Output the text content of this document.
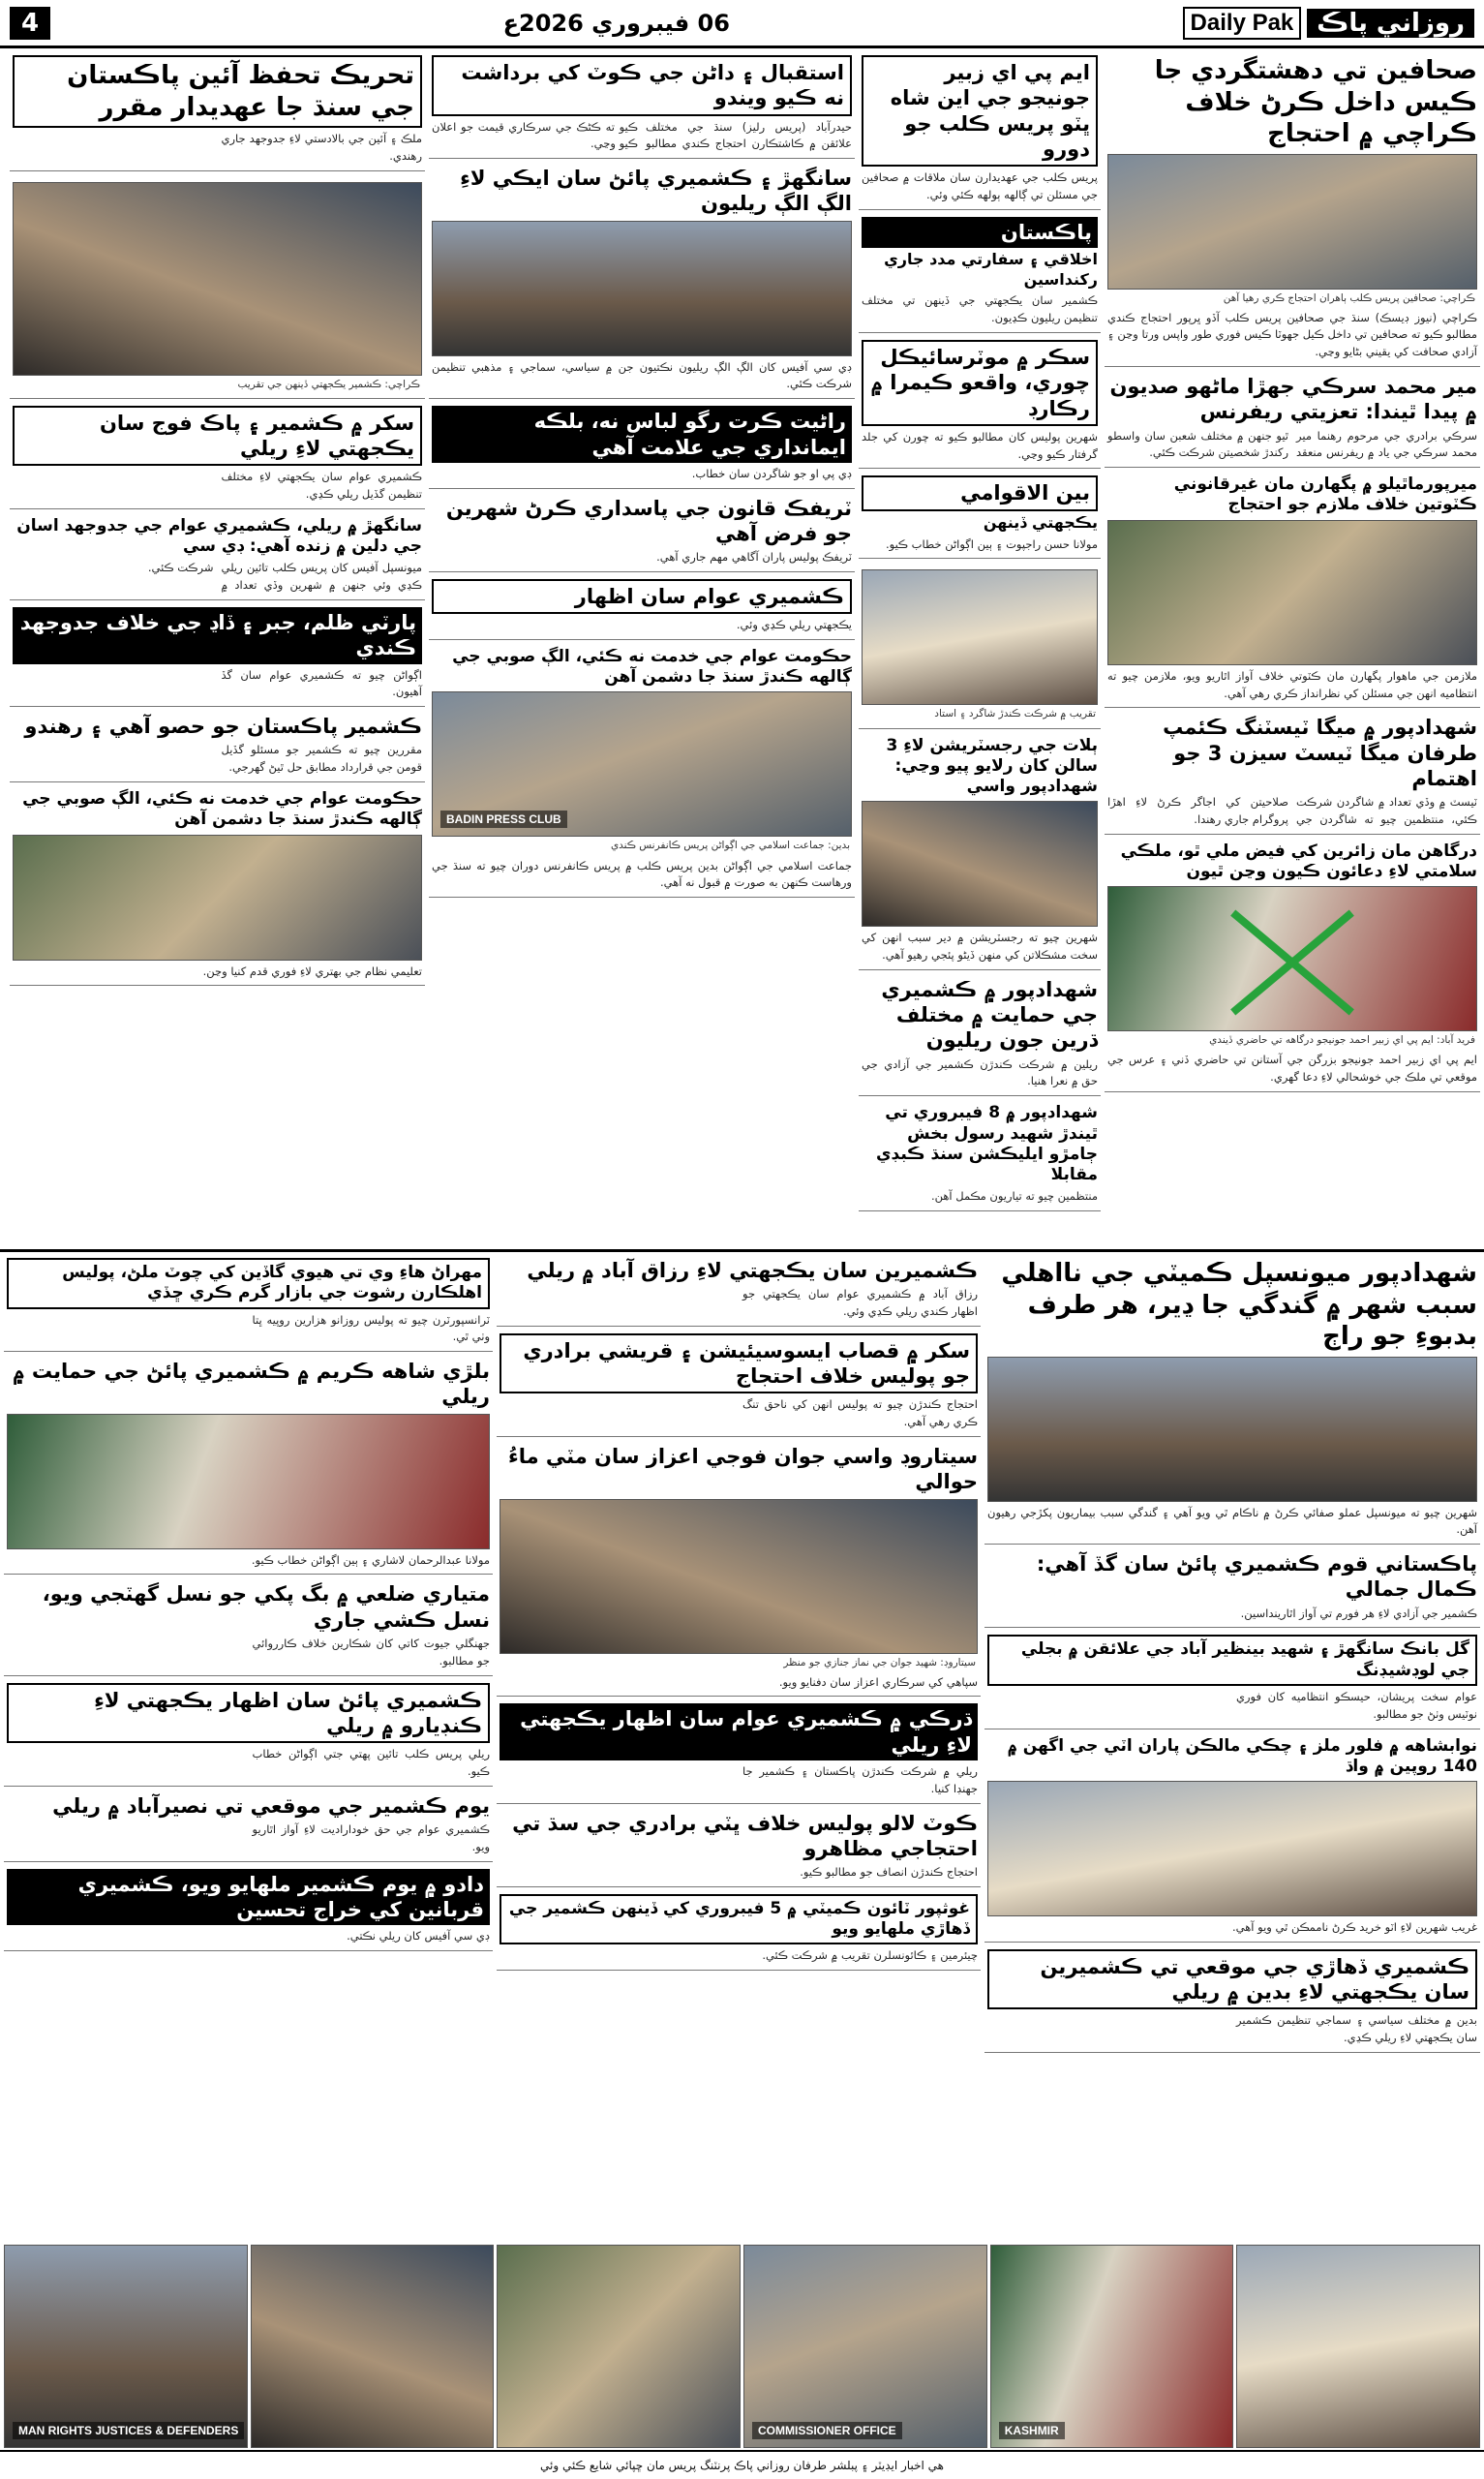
4	06 فيبروري 2026ع	Daily Pak روزاني پاڪ
صحافين تي دهشتگردي جا ڪيس داخل ڪرڻ خلاف ڪراچي ۾ احتجاج
ڪراچي: صحافين پريس ڪلب ٻاهران احتجاج ڪري رهيا آهن
ڪراچي (نيوز ڊيسڪ) سنڌ جي صحافين پريس ڪلب آڏو ڀرپور احتجاج ڪندي مطالبو ڪيو ته صحافين تي داخل ڪيل جهوٽا ڪيس فوري طور واپس ورتا وڃن ۽ آزادي صحافت کي يقيني بڻايو وڃي.
مير محمد سرڪي جهڙا ماڻهو صديون ۾ پيدا ٿيندا: تعزيتي ريفرنس
سرڪي برادري جي مرحوم رهنما مير محمد سرڪي جي ياد ۾ ريفرنس منعقد ٿيو جنهن ۾ مختلف شعبن سان واسطو رکندڙ شخصيتن شرڪت ڪئي.
ميرپورماٿيلو ۾ پگهارن مان غيرقانوني ڪٽوتين خلاف ملازم جو احتجاج
ملازمن جي ماهوار پگهارن مان ڪٽوتي خلاف آواز اٿاريو ويو، ملازمن چيو ته انتظاميه انهن جي مسئلن کي نظرانداز ڪري رهي آهي.
شهدادپور ۾ ميگا ٽيسٽنگ ڪئمپ طرفان ميگا ٽيسٽ سيزن 3 جو اهتمام
ٽيسٽ ۾ وڏي تعداد ۾ شاگردن شرڪت ڪئي، منتظمين چيو ته شاگردن جي صلاحيتن کي اجاگر ڪرڻ لاءِ اهڙا پروگرام جاري رهندا.
درگاهن مان زائرين کي فيض ملي ٿو، ملڪي سلامتي لاءِ دعائون ڪيون وڃن ٿيون
فريد آباد: ايم پي اي زبير احمد جونيجو درگاهه تي حاضري ڏيندي
ايم پي اي زبير احمد جونيجو بزرگن جي آستانن تي حاضري ڏني ۽ عرس جي موقعي تي ملڪ جي خوشحالي لاءِ دعا گهري.
ايم پي اي زبير جونيجو جي اين شاه ڀٽو پريس ڪلب جو دورو
پريس ڪلب جي عهديدارن سان ملاقات ۾ صحافين جي مسئلن تي ڳالهه ٻولهه ڪئي وئي.
پاڪستان
اخلاقي ۽ سفارتي مدد جاري رکنداسين
ڪشمير سان يڪجهتي جي ڏينهن تي مختلف تنظيمن ريليون ڪڍيون.
سڪر ۾ موٽرسائيڪل چوري، واقعو ڪيمرا ۾ رڪارڊ
شهرين پوليس کان مطالبو ڪيو ته چورن کي جلد گرفتار ڪيو وڃي.
بين الاقوامي
يڪجهتي ڏينهن
مولانا حسن راجپوت ۽ ٻين اڳواڻن خطاب ڪيو.
تقريب ۾ شرڪت ڪندڙ شاگرد ۽ استاد
ٻلات جي رجسٽريشن لاءِ 3 سالن کان رلايو پيو وڃي: شهدادپور واسي
شهرين چيو ته رجسٽريشن ۾ دير سبب انهن کي سخت مشڪلاتن کي منهن ڏيڻو پئجي رهيو آهي.
شهدادپور ۾ ڪشميري جي حمايت ۾ مختلف ڌرين جون ريليون
ريلين ۾ شرڪت ڪندڙن ڪشمير جي آزادي جي حق ۾ نعرا هنيا.
شهدادپور ۾ 8 فيبروري تي ٿيندڙ شهيد رسول بخش ڄامڙو ايليڪشن سنڌ ڪبڊي مقابلا
منتظمين چيو ته تياريون مڪمل آهن.
استقبال ۽ داڻن جي ڪوٽ کي برداشت نه ڪيو ويندو
حيدرآباد (پريس رليز) سنڌ جي مختلف علائقن ۾ ڪاشتڪارن احتجاج ڪندي مطالبو ڪيو ته ڪڻڪ جي سرڪاري قيمت جو اعلان ڪيو وڃي.
سانگهڙ ۽ ڪشميري پائڻ سان ايڪي لاءِ الڳ الڳ ريليون
ڊي سي آفيس کان الڳ الڳ ريليون نڪتيون جن ۾ سياسي، سماجي ۽ مذهبي تنظيمن شرڪت ڪئي.
راڻيت ڪرت رگو لباس نه، بلڪه ايمانداري جي علامت آهي
ڊي پي او جو شاگردن سان خطاب.
ٽريفڪ قانون جي پاسداري ڪرڻ شهرين جو فرض آهي
ٽريفڪ پوليس پاران آگاهي مهم جاري آهي.
ڪشميري عوام سان اظهار
يڪجهتي ريلي ڪڍي وئي.
حڪومت عوام جي خدمت نه ڪئي، الڳ صوبي جي ڳالهه ڪندڙ سنڌ جا دشمن آهن
BADIN PRESS CLUB
بدين: جماعت اسلامي جي اڳواڻن پريس ڪانفرنس ڪندي
جماعت اسلامي جي اڳواڻن بدين پريس ڪلب ۾ پريس ڪانفرنس دوران چيو ته سنڌ جي ورهاست ڪنهن به صورت ۾ قبول نه آهي.
تحريڪ تحفظ آئين پاڪستان جي سنڌ جا عهديدار مقرر
ملڪ ۽ آئين جي بالادستي لاءِ جدوجهد جاري رهندي.
ڪراچي: ڪشمير يڪجهتي ڏينهن جي تقريب
سکر ۾ ڪشمير ۽ پاڪ فوج سان يڪجهتي لاءِ ريلي
ڪشميري عوام سان يڪجهتي لاءِ مختلف تنظيمن گڏيل ريلي ڪڍي.
سانگهڙ ۾ ريلي، ڪشميري عوام جي جدوجهد اسان جي دلين ۾ زنده آهي: ڊي سي
ميونسپل آفيس کان پريس ڪلب تائين ريلي ڪڍي وئي جنهن ۾ شهرين وڏي تعداد ۾ شرڪت ڪئي.
پارٽي ظلم، جبر ۽ ڏاڍ جي خلاف جدوجهد ڪندي
اڳواڻن چيو ته ڪشميري عوام سان گڏ آهيون.
ڪشمير پاڪستان جو حصو آهي ۽ رهندو
مقررين چيو ته ڪشمير جو مسئلو گڏيل قومن جي قرارداد مطابق حل ٿيڻ گهرجي.
حڪومت عوام جي خدمت نه ڪئي، الڳ صوبي جي ڳالهه ڪندڙ سنڌ جا دشمن آهن
تعليمي نظام جي بهتري لاءِ فوري قدم کنيا وڃن.
شهدادپور ميونسپل ڪميٽي جي نااهلي سبب شهر ۾ گندگي جا ڍير، هر طرف بدبوءِ جو راڄ
شهرين چيو ته ميونسپل عملو صفائي ڪرڻ ۾ ناڪام ٿي ويو آهي ۽ گندگي سبب بيماريون پکڙجي رهيون آهن.
پاڪستاني قوم ڪشميري پائڻ سان گڏ آهي: ڪمال جمالي
ڪشمير جي آزادي لاءِ هر فورم تي آواز اٿارينداسين.
گل بانڪ سانگهڙ ۽ شهيد بينظير آباد جي علائقن ۾ بجلي جي لوڊشيڊنگ
عوام سخت پريشان، حيسڪو انتظاميه کان فوري نوٽيس وٺڻ جو مطالبو.
نوابشاهه ۾ فلور ملز ۽ چڪي مالڪن پاران اٽي جي اگهن ۾ 140 روپين ۾ واڌ
غريب شهرين لاءِ اٽو خريد ڪرڻ ناممڪن ٿي ويو آهي.
ڪشميري ڏهاڙي جي موقعي تي ڪشميرين سان يڪجهتي لاءِ بدين ۾ ريلي
بدين ۾ مختلف سياسي ۽ سماجي تنظيمن ڪشمير سان يڪجهتي لاءِ ريلي ڪڍي.
ڪشميرين سان يڪجهتي لاءِ رزاق آباد ۾ ريلي
رزاق آباد ۾ ڪشميري عوام سان يڪجهتي جو اظهار ڪندي ريلي ڪڍي وئي.
سکر ۾ قصاب ايسوسيئيشن ۽ قريشي برادري جو پوليس خلاف احتجاج
احتجاج ڪندڙن چيو ته پوليس انهن کي ناحق تنگ ڪري رهي آهي.
سيتاروڊ واسي جوان فوجي اعزاز سان مٽي ماءُ حوالي
سيتاروڊ: شهيد جوان جي نماز جنازي جو منظر
سپاهي کي سرڪاري اعزاز سان دفنايو ويو.
ڌرڪي ۾ ڪشميري عوام سان اظهار يڪجهتي لاءِ ريلي
ريلي ۾ شرڪت ڪندڙن پاڪستان ۽ ڪشمير جا جهنڊا کنيا.
ڪوٽ لالو پوليس خلاف ڀٽي برادري جي سڌ تي احتجاجي مظاهرو
احتجاج ڪندڙن انصاف جو مطالبو ڪيو.
غوثپور ٽائون ڪميٽي ۾ 5 فيبروري کي ڏينهن ڪشمير جي ڏهاڙي ملهايو ويو
چيئرمين ۽ ڪائونسلرن تقريب ۾ شرڪت ڪئي.
مهراڻ هاءِ وي تي هيوي گاڏين کي چوٽ ملڻ، پوليس اهلڪارن رشوت جي بازار گرم ڪري ڇڏي
ٽرانسپورٽرن چيو ته پوليس روزانو هزارين روپيه ڀتا وٺي ٿي.
بلڙي شاهه ڪريم ۾ ڪشميري پائڻ جي حمايت ۾ ريلي
مولانا عبدالرحمان لاشاري ۽ ٻين اڳواڻن خطاب ڪيو.
متياري ضلعي ۾ بگ پکي جو نسل گهٽجي ويو، نسل ڪشي جاري
جهنگلي جيوت کاتي کان شڪارين خلاف ڪارروائي جو مطالبو.
ڪشميري پائڻ سان اظهار يڪجهتي لاءِ ڪنڊيارو ۾ ريلي
ريلي پريس ڪلب تائين پهتي جتي اڳواڻن خطاب ڪيو.
يوم ڪشمير جي موقعي تي نصيرآباد ۾ ريلي
ڪشميري عوام جي حق خوداراديت لاءِ آواز اٿاريو ويو.
دادو ۾ يوم ڪشمير ملهايو ويو، ڪشميري قربانين کي خراج تحسين
ڊي سي آفيس کان ريلي نڪتي.
MAN RIGHTS JUSTICES & DEFENDERS	COMMISSIONER OFFICE	KASHMIR
هي اخبار ايڊيٽر ۽ پبلشر طرفان روزاني پاڪ پرنٽنگ پريس مان ڇپائي شايع ڪئي وئي
